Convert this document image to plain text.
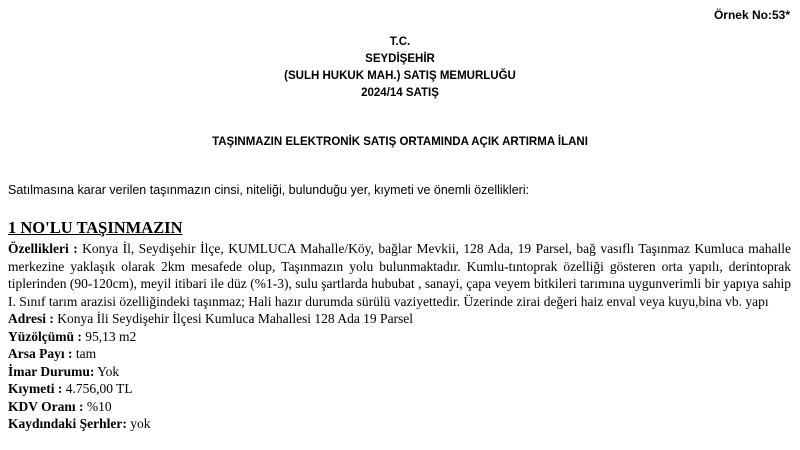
Örnek No:53*
T.C.
SEYDİŞEHİR
(SULH HUKUK MAH.) SATIŞ MEMURLUĞU
2024/14 SATIŞ
TAŞINMAZIN ELEKTRONİK SATIŞ ORTAMINDA AÇIK ARTIRMA İLANI
Satılmasına karar verilen taşınmazın cinsi, niteliği, bulunduğu yer, kıymeti ve önemli özellikleri:
1 NO'LU TAŞINMAZIN

Özellikleri : Konya İl, Seydişehir İlçe, KUMLUCA Mahalle/Köy, bağlar Mevkii, 128 Ada, 19 Parsel, bağ vasıflı Taşınmaz Kumluca mahalle merkezine yaklaşık olarak 2km mesafede olup, Taşınmazın yolu bulunmaktadır. Kumlu-tıntoprak özelliği gösteren orta yapılı, derintoprak tiplerinden (90-120cm), meyil itibari ile düz (%1-3), sulu şartlarda hububat , sanayi, çapa veyem bitkileri tarımına uygunverimli bir yapıya sahip I. Sınıf tarım arazisi özelliğindeki taşınmaz; Hali hazır durumda sürülü vaziyettedir. Üzerinde zirai değeri haiz enval veya kuyu,bina vb. yapı

Adresi : Konya İli Seydişehir İlçesi Kumluca Mahallesi 128 Ada 19 Parsel

Yüzölçümü : 95,13 m2

Arsa Payı : tam

İmar Durumu: Yok

Kıymeti : 4.756,00 TL

KDV Oranı : %10

Kaydındaki Şerhler: yok
